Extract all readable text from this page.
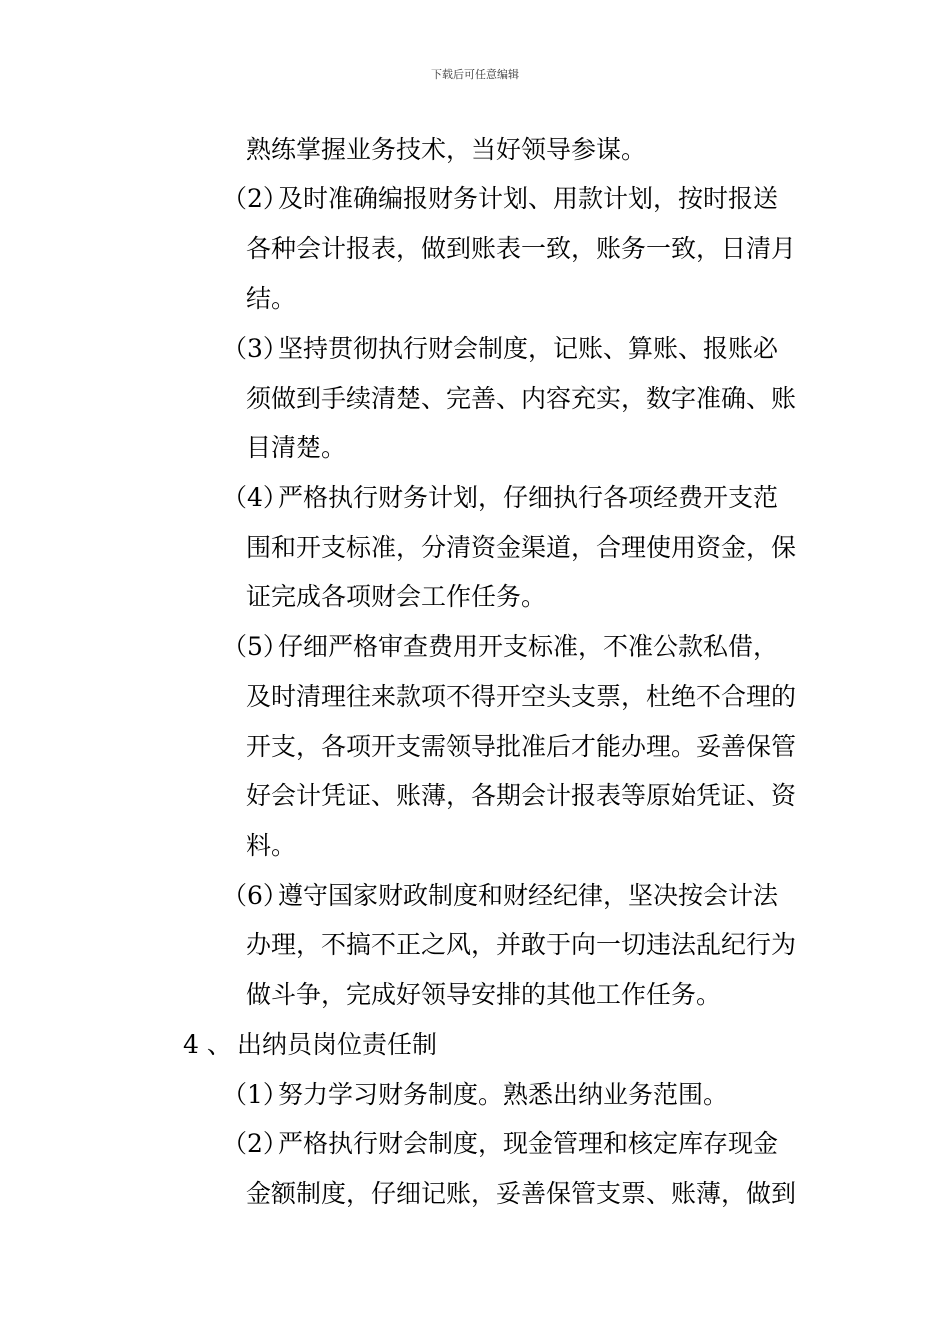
下载后可任意编辑
熟练掌握业务技术，当好领导参谋。
（2）及时准确编报财务计划、用款计划，按时报送
各种会计报表，做到账表一致，账务一致，日清月
结。
（3）坚持贯彻执行财会制度，记账、算账、报账必
须做到手续清楚、完善、内容充实，数字准确、账
目清楚。
（4）严格执行财务计划，仔细执行各项经费开支范
围和开支标准，分清资金渠道，合理使用资金，保
证完成各项财会工作任务。
（5）仔细严格审查费用开支标准，不准公款私借，
及时清理往来款项不得开空头支票，杜绝不合理的
开支，各项开支需领导批准后才能办理。妥善保管
好会计凭证、账薄，各期会计报表等原始凭证、资
料。
（6）遵守国家财政制度和财经纪律，坚决按会计法
办理，不搞不正之风，并敢于向一切违法乱纪行为
做斗争，完成好领导安排的其他工作任务。
4 、 出纳员岗位责任制
（1）努力学习财务制度。熟悉出纳业务范围。
（2）严格执行财会制度，现金管理和核定库存现金
金额制度，仔细记账，妥善保管支票、账薄，做到
